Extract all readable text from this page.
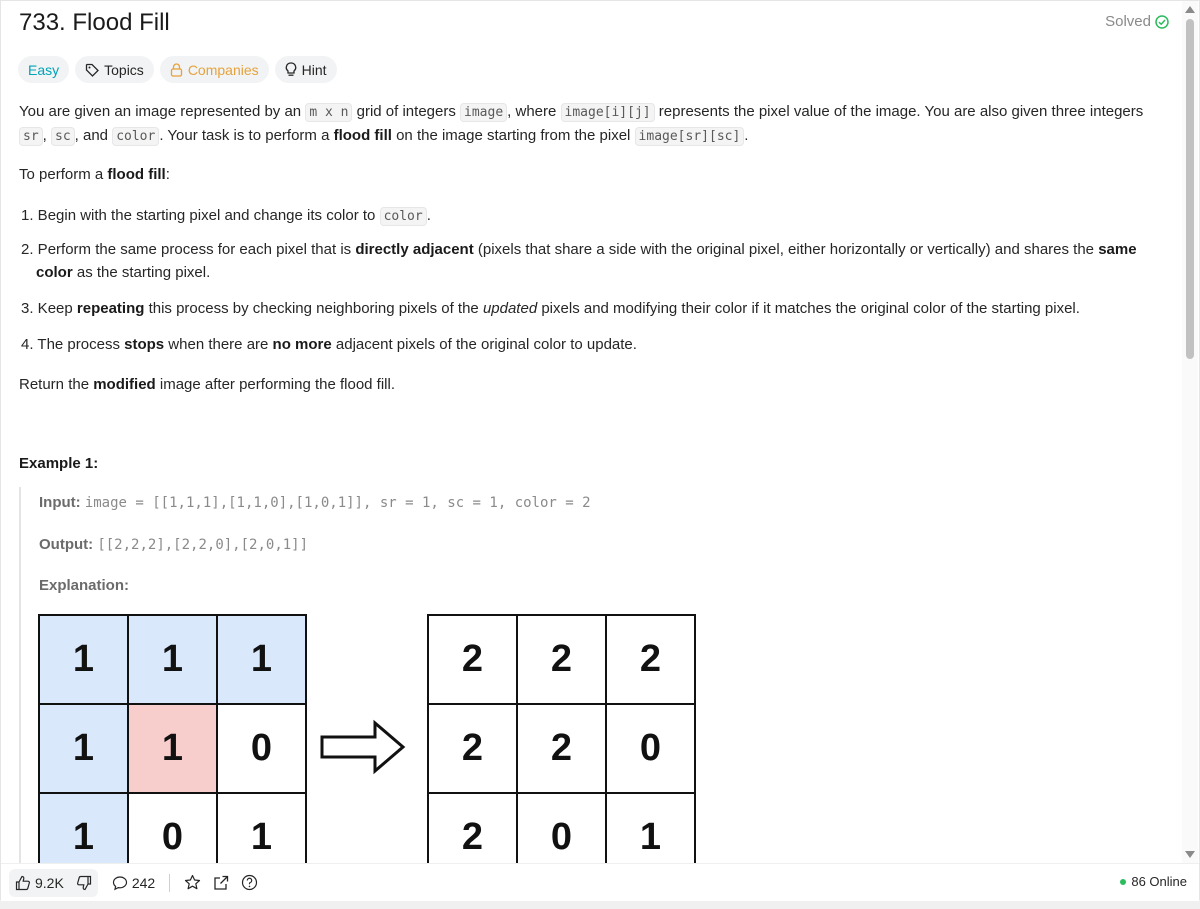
733. Flood Fill	Solved
Easy	Topics	Companies	Hint
You are given an image represented by an m x n grid of integers image , where image[i][j] represents the pixel value of the image. You are also given three integers
sr , sc , and color . Your task is to perform a flood fill on the image starting from the pixel image[sr][sc] .
To perform a flood fill:
1. Begin with the starting pixel and change its color to color .
2. Perform the same process for each pixel that is directly adjacent (pixels that share a side with the original pixel, either horizontally or vertically) and shares the same
color as the starting pixel.
3. Keep repeating this process by checking neighboring pixels of the updated pixels and modifying their color if it matches the original color of the starting pixel.
4. The process stops when there are no more adjacent pixels of the original color to update.
Return the modified image after performing the flood fill.
Example 1:
Input: image = [[1,1,1],[1,1,0],[1,0,1]], sr = 1, sc = 1, color = 2
Output: [[2,2,2],[2,2,0],[2,0,1]]
Explanation:
1	1	1
1	1	0
1	0	1
2	2	2
2	2	0
2	0	1
9.2K	242	86 Online
